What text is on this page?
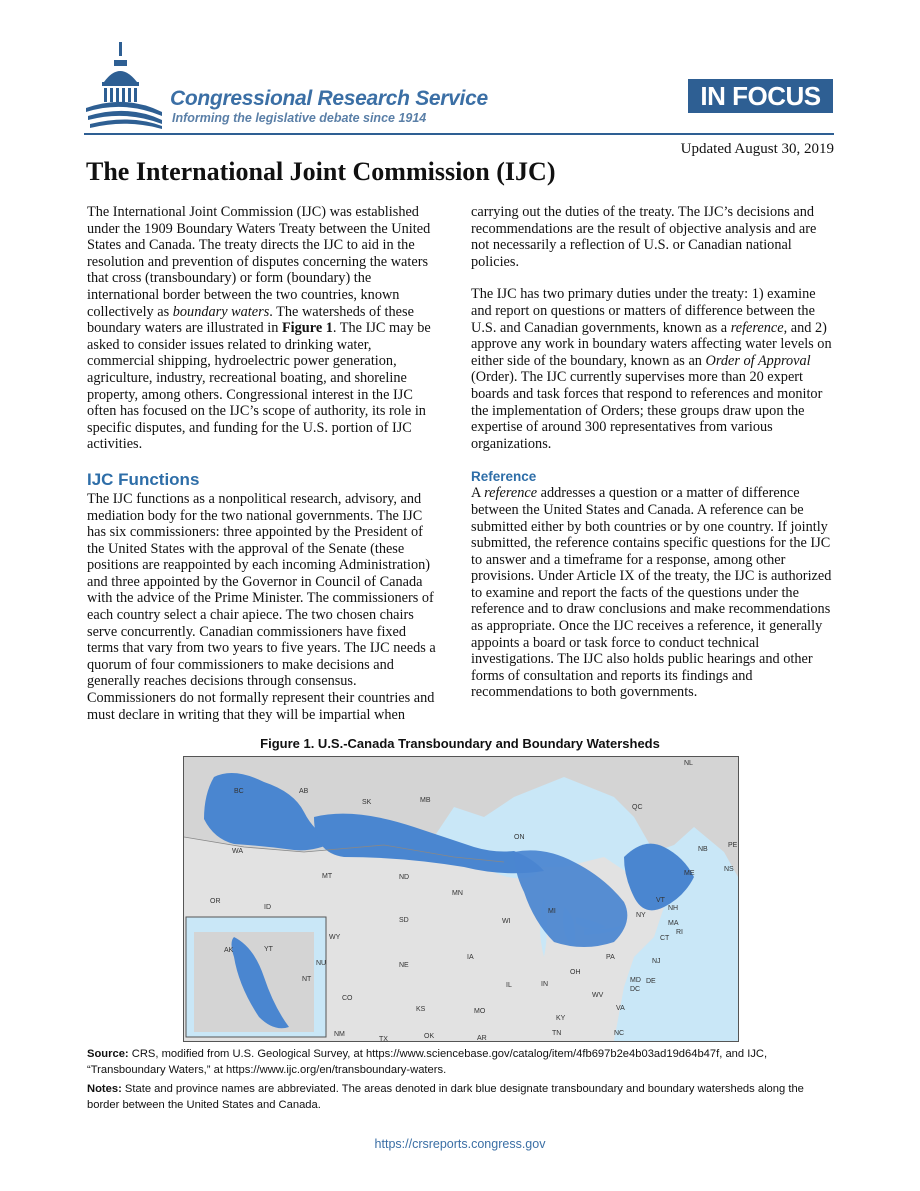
Congressional Research Service
Informing the legislative debate since 1914
IN FOCUS
Updated August 30, 2019
The International Joint Commission (IJC)

The International Joint Commission (IJC) was established under the 1909 Boundary Waters Treaty between the United States and Canada. The treaty directs the IJC to aid in the resolution and prevention of disputes concerning the waters that cross (transboundary) or form (boundary) the international border between the two countries, known collectively as boundary waters. The watersheds of these boundary waters are illustrated in Figure 1. The IJC may be asked to consider issues related to drinking water, commercial shipping, hydroelectric power generation, agriculture, industry, recreational boating, and shoreline property, among others. Congressional interest in the IJC often has focused on the IJC’s scope of authority, its role in specific disputes, and funding for the U.S. portion of IJC activities.

IJC Functions

The IJC functions as a nonpolitical research, advisory, and mediation body for the two national governments. The IJC has six commissioners: three appointed by the President of the United States with the approval of the Senate (these positions are reappointed by each incoming Administration) and three appointed by the Governor in Council of Canada with the advice of the Prime Minister. The commissioners of each country select a chair apiece. The two chosen chairs serve concurrently. Canadian commissioners have fixed terms that vary from two years to five years. The IJC needs a quorum of four commissioners to make decisions and generally reaches decisions through consensus. Commissioners do not formally represent their countries and must declare in writing that they will be impartial when

carrying out the duties of the treaty. The IJC’s decisions and recommendations are the result of objective analysis and are not necessarily a reflection of U.S. or Canadian national policies.

The IJC has two primary duties under the treaty: 1) examine and report on questions or matters of difference between the U.S. and Canadian governments, known as a reference, and 2) approve any work in boundary waters affecting water levels on either side of the boundary, known as an Order of Approval (Order). The IJC currently supervises more than 20 expert boards and task forces that respond to references and monitor the implementation of Orders; these groups draw upon the expertise of around 300 representatives from various organizations.

Reference

A reference addresses a question or a matter of difference between the United States and Canada. A reference can be submitted either by both countries or by one country. If jointly submitted, the reference contains specific questions for the IJC to answer and a timeframe for a response, among other provisions. Under Article IX of the treaty, the IJC is authorized to examine and report the facts of the questions under the reference and to draw conclusions and make recommendations as appropriate. Once the IJC receives a reference, it generally appoints a board or task force to conduct technical investigations. The IJC also holds public hearings and other forms of consultation and reports its findings and recommendations to both governments.

Figure 1. U.S.-Canada Transboundary and Boundary Watersheds
NL
BC	AB
SK	MB
QC
PE
NB
ON
WA
NS
ME
MT	ND
OR
ID
MN
VT
NH
SD
WY
WI
MI
NY
MA
CT
RI
AK	YT
NU
NT
IA
NE
PA
NJ
OH
IL	IN
MD DE
DC
CO	WV
KS	MO	VA
KY
NM
TX	OK	AR
TN	NC
Source: CRS, modified from U.S. Geological Survey, at https://www.sciencebase.gov/catalog/item/4fb697b2e4b03ad19d64b47f, and IJC, “Transboundary Waters,” at https://www.ijc.org/en/transboundary-waters.
Notes: State and province names are abbreviated. The areas denoted in dark blue designate transboundary and boundary watersheds along the border between the United States and Canada.
https://crsreports.congress.gov
